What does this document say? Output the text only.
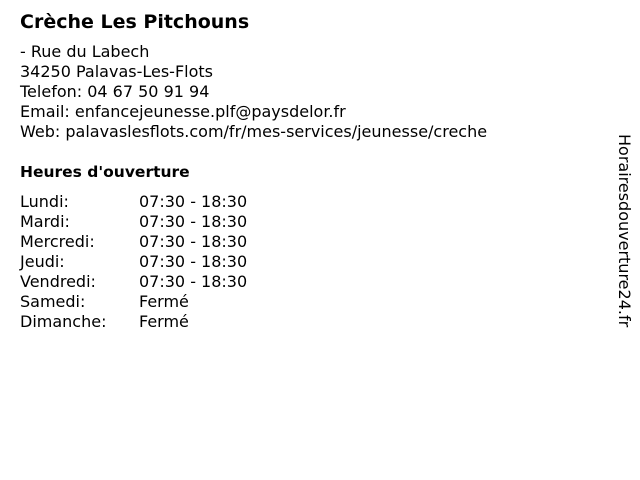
Crèche Les Pitchouns
- Rue du Labech
34250 Palavas-Les-Flots
Telefon: 04 67 50 91 94
Email: enfancejeunesse.plf@paysdelor.fr
Web: palavaslesflots.com/fr/mes-services/jeunesse/creche
Heures d'ouverture
Lundi:	07:30 - 18:30
Mardi:	07:30 - 18:30
Mercredi:	07:30 - 18:30
Jeudi:	07:30 - 18:30
Vendredi:	07:30 - 18:30
Samedi:	Fermé
Dimanche:	Fermé	Horairesdouverture24.fr
